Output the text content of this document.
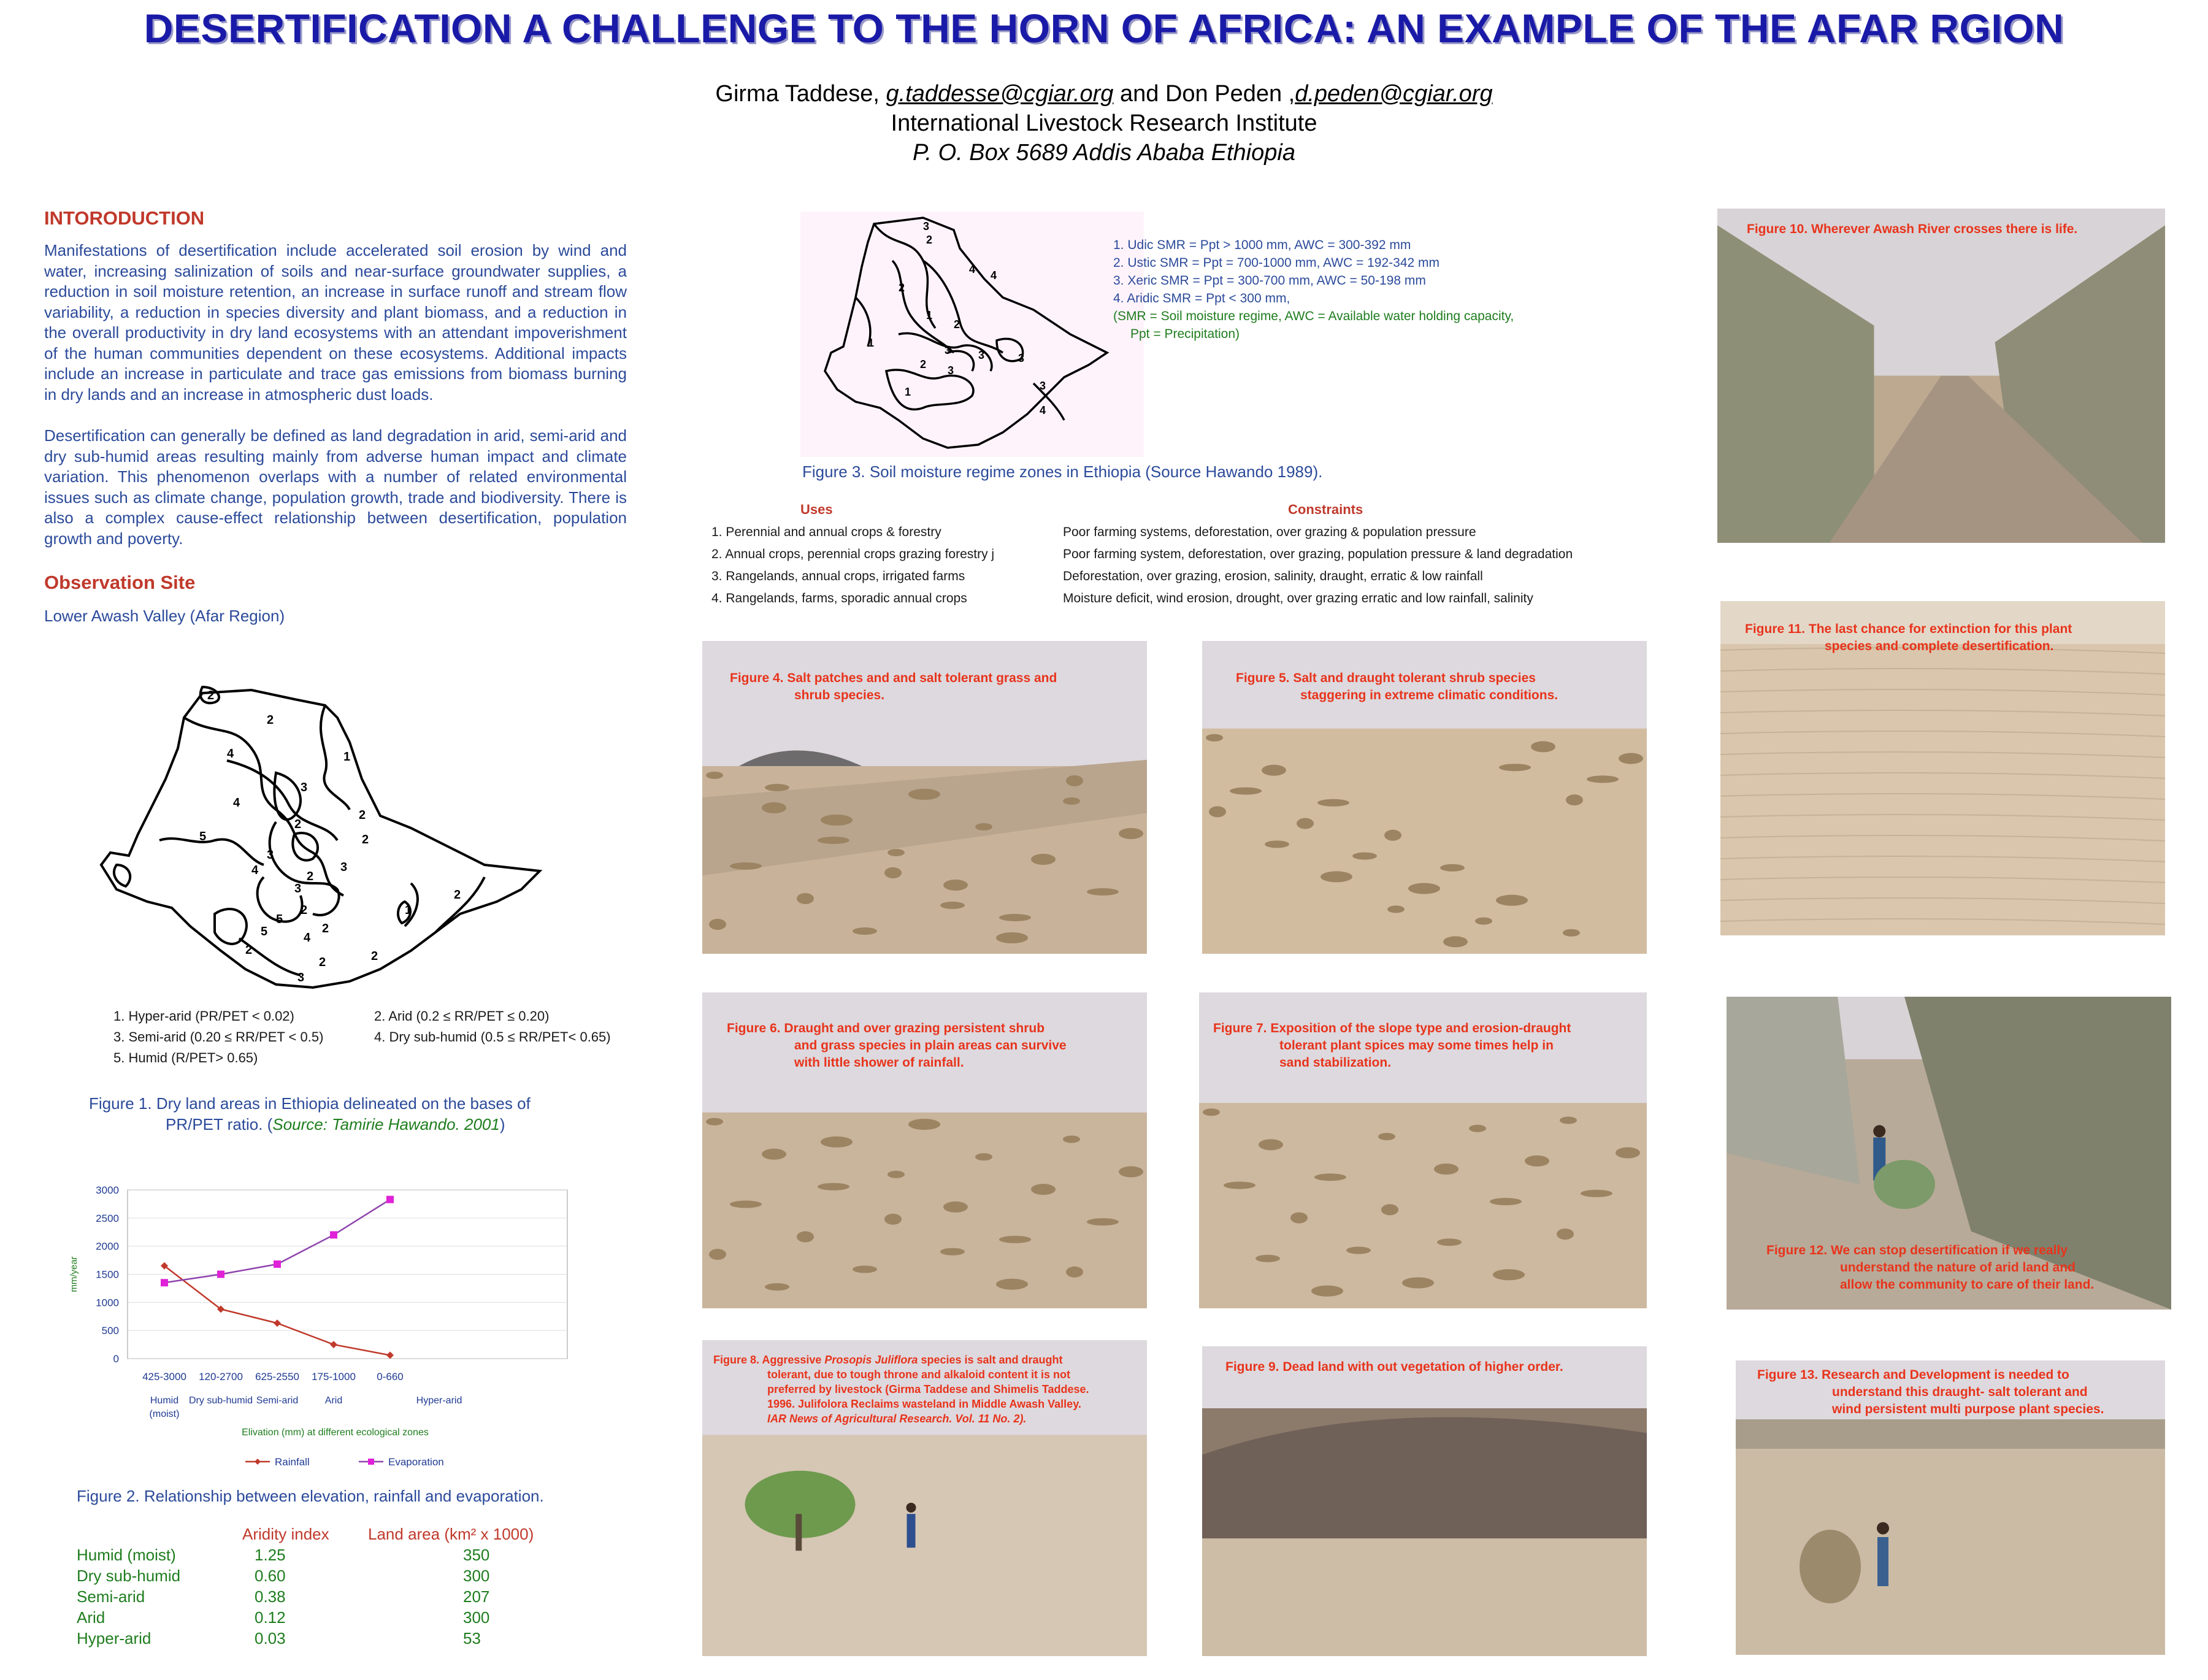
DESERTIFICATION A CHALLENGE TO THE HORN OF AFRICA: AN EXAMPLE OF THE AFAR RGION
Girma Taddese, g.taddesse@cgiar.org and Don Peden ,d.peden@cgiar.org
International Livestock Research Institute
P. O. Box 5689 Addis Ababa Ethiopia
INTORODUCTION
Manifestations of desertification include accelerated soil erosion by wind and water, increasing salinization of soils and near-surface groundwater supplies, a reduction in soil moisture retention, an increase in surface runoff and stream flow variability, a reduction in species diversity and plant biomass, and a reduction in the overall productivity in dry land ecosystems with an attendant impoverishment of the human communities dependent on these ecosystems. Additional impacts include an increase in particulate and trace gas emissions from biomass burning in dry lands and an increase in atmospheric dust loads.
Desertification can generally be defined as land degradation in arid, semi-arid and dry sub-humid areas resulting mainly from adverse human impact and climate variation. This phenomenon overlaps with a number of related environmental issues such as climate change, population growth, trade and biodiversity. There is also a complex cause-effect relationship between desertification, population growth and poverty.
Observation Site
Lower Awash Valley (Afar Region)
2
2
4	1
3
4
2
2
5	2
3
3
4	2
3
5
2
2
5	4
2
2
3
2
1
2
1. Hyper-arid (PR/PET < 0.02)	2. Arid (0.2 ≤ RR/PET ≤ 0.20)
3. Semi-arid (0.20 ≤ RR/PET < 0.5)	4. Dry sub-humid (0.5 ≤ RR/PET< 0.65)
5. Humid (R/PET> 0.65)
Figure 1. Dry land areas in Ethiopia delineated on the bases of
PR/PET ratio. (Source: Tamirie Hawando. 2001)
0
500
1000
1500
2000
2500
3000
mm/year
425-3000 120-2700 625-2550 175-1000 0-660
Humid (moist)
Dry sub-humid Semi-arid	Arid	Hyper-arid
Elivation (mm) at different ecological zones
Rainfall	Evaporation
Figure 2. Relationship between elevation, rainfall and evaporation.
Aridity index Land area (km² x 1000)
Humid (moist)	1.25	350
Dry sub-humid	0.60	300
Semi-arid	0.38	207
Arid	0.12	300
Hyper-arid	0.03	53
3
2
4
2
1
2
3 3
1
2 3
1
3
3
4
4
1. Udic SMR = Ppt > 1000 mm, AWC = 300-392 mm
2. Ustic SMR = Ppt = 700-1000 mm, AWC = 192-342 mm
3. Xeric SMR = Ppt = 300-700 mm, AWC = 50-198 mm
4. Aridic SMR = Ppt < 300 mm,
(SMR = Soil moisture regime, AWC = Available water holding capacity,
Ppt = Precipitation)
Figure 3. Soil moisture regime zones in Ethiopia (Source Hawando 1989).
Uses	Constraints
1. Perennial and annual crops & forestry	Poor farming systems, deforestation, over grazing & population pressure
2. Annual crops, perennial crops grazing forestry j	Poor farming system, deforestation, over grazing, population pressure & land degradation
3. Rangelands, annual crops, irrigated farms	Deforestation, over grazing, erosion, salinity, draught, erratic & low rainfall
4. Rangelands, farms, sporadic annual crops	Moisture deficit, wind erosion, drought, over grazing erratic and low rainfall, salinity
Figure 4. Salt patches and and salt tolerant grass and
shrub species.
Figure 5. Salt and draught tolerant shrub species
staggering in extreme climatic conditions.
Figure 6. Draught and over grazing persistent shrub
and grass species in plain areas can survive
with little shower of rainfall.
Figure 7. Exposition of the slope type and erosion-draught
tolerant plant spices may some times help in
sand stabilization.
Figure 8. Aggressive Prosopis Juliflora species is salt and draught
tolerant, due to tough throne and alkaloid content it is not
preferred by livestock (Girma Taddese and Shimelis Taddese.
1996. Julifolora Reclaims wasteland in Middle Awash Valley.
IAR News of Agricultural Research. Vol. 11 No. 2).
Figure 9. Dead land with out vegetation of higher order.
Figure 10. Wherever Awash River crosses there is life.
Figure 11. The last chance for extinction for this plant
species and complete desertification.
Figure 12. We can stop desertification if we really
understand the nature of arid land and
allow the community to care of their land.
Figure 13. Research and Development is needed to
understand this draught- salt tolerant and
wind persistent multi purpose plant species.
